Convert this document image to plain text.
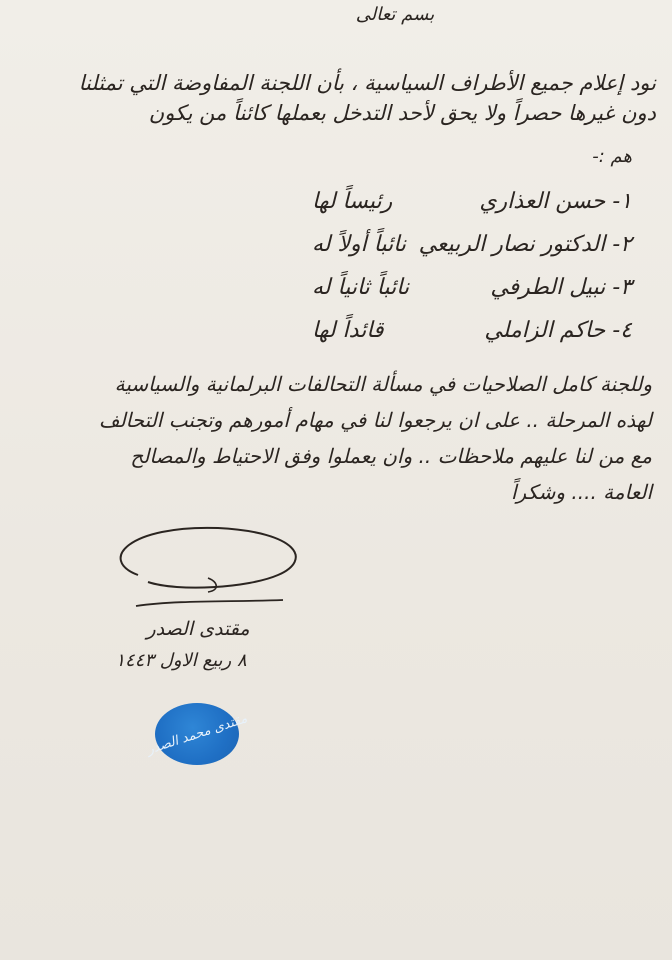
بسم تعالى
نود إعلام جميع الأطراف السياسية ، بأن اللجنة المفاوضة التي تمثلنا
دون غيرها حصراً ولا يحق لأحد التدخل بعملها كائناً من يكون
هم :-
١- حسن العذاري
رئيساً لها
٢- الدكتور نصار الربيعي
نائباً أولاً له
٣- نبيل الطرفي
نائباً ثانياً له
٤- حاكم الزاملي
قائداً لها
وللجنة كامل الصلاحيات في مسألة التحالفات البرلمانية والسياسية
لهذه المرحلة .. على ان يرجعوا لنا في مهام أمورهم وتجنب التحالف
مع من لنا عليهم ملاحظات .. وان يعملوا وفق الاحتياط والمصالح
العامة .... وشكراً
مقتدى الصدر
٨ ربيع الاول ١٤٤٣
مقتدى محمد الصدر
